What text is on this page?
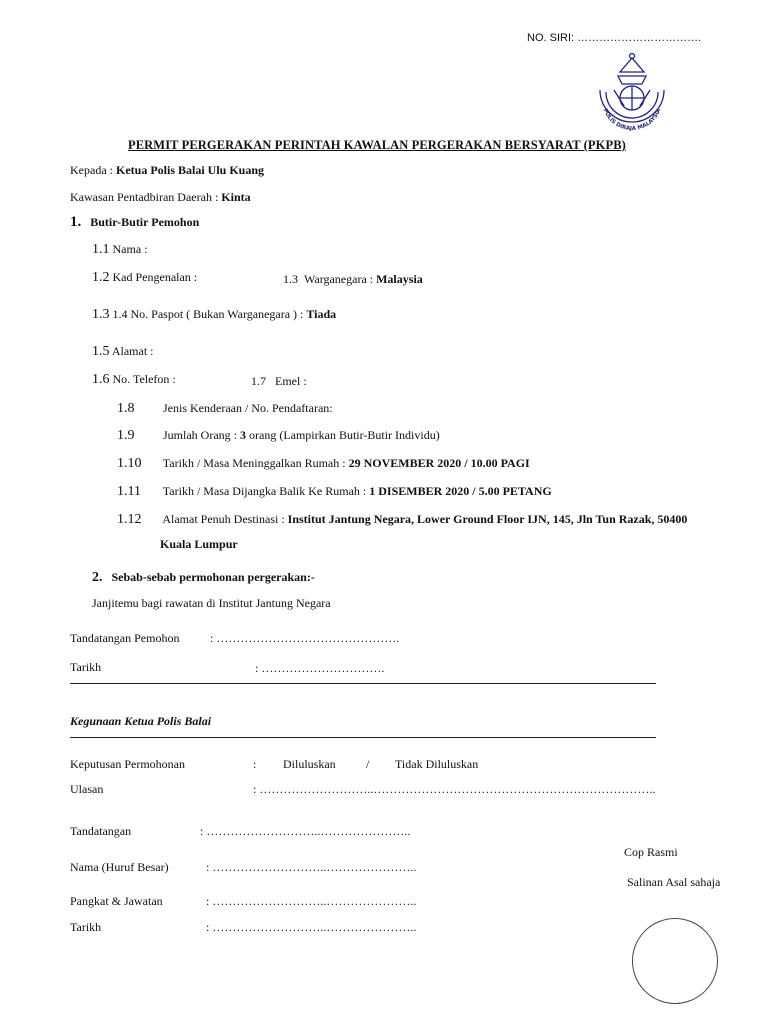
NO. SIRI: …………………………….
POLIS DIRAJA MALAYSIA
PERMIT PERGERAKAN PERINTAH KAWALAN PERGERAKAN BERSYARAT (PKPB)
Kepada : Ketua Polis Balai Ulu Kuang
Kawasan Pentadbiran Daerah : Kinta
1. Butir-Butir Pemohon
1.1 Nama :
1.2 Kad Pengenalan :	1.3 Warganegara : Malaysia
1.3 1.4 No. Paspot ( Bukan Warganegara ) : Tiada
1.5 Alamat :
1.6 No. Telefon :	1.7 Emel :
1.8 Jenis Kenderaan / No. Pendaftaran:
1.9 Jumlah Orang : 3 orang (Lampirkan Butir-Butir Individu)
1.10 Tarikh / Masa Meninggalkan Rumah : 29 NOVEMBER 2020 / 10.00 PAGI
1.11 Tarikh / Masa Dijangka Balik Ke Rumah : 1 DISEMBER 2020 / 5.00 PETANG
1.12 Alamat Penuh Destinasi : Institut Jantung Negara, Lower Ground Floor IJN, 145, Jln Tun Razak, 50400
Kuala Lumpur
2. Sebab-sebab permohonan pergerakan:-
Janjitemu bagi rawatan di Institut Jantung Negara
Tandatangan Pemohon	: ……………………………………….
Tarikh	: ………………………….
Kegunaan Ketua Polis Balai
Keputusan Permohonan	: Diluluskan	/ Tidak Diluluskan
Ulasan	: ………………………..……………………………………………………………..
Tandatangan	: ………………………..…………………..
Cop Rasmi
Nama (Huruf Besar)	: ………………………..…………………..
Salinan Asal sahaja
Pangkat & Jawatan	: ………………………..…………………..
Tarikh	: ………………………..…………………..
